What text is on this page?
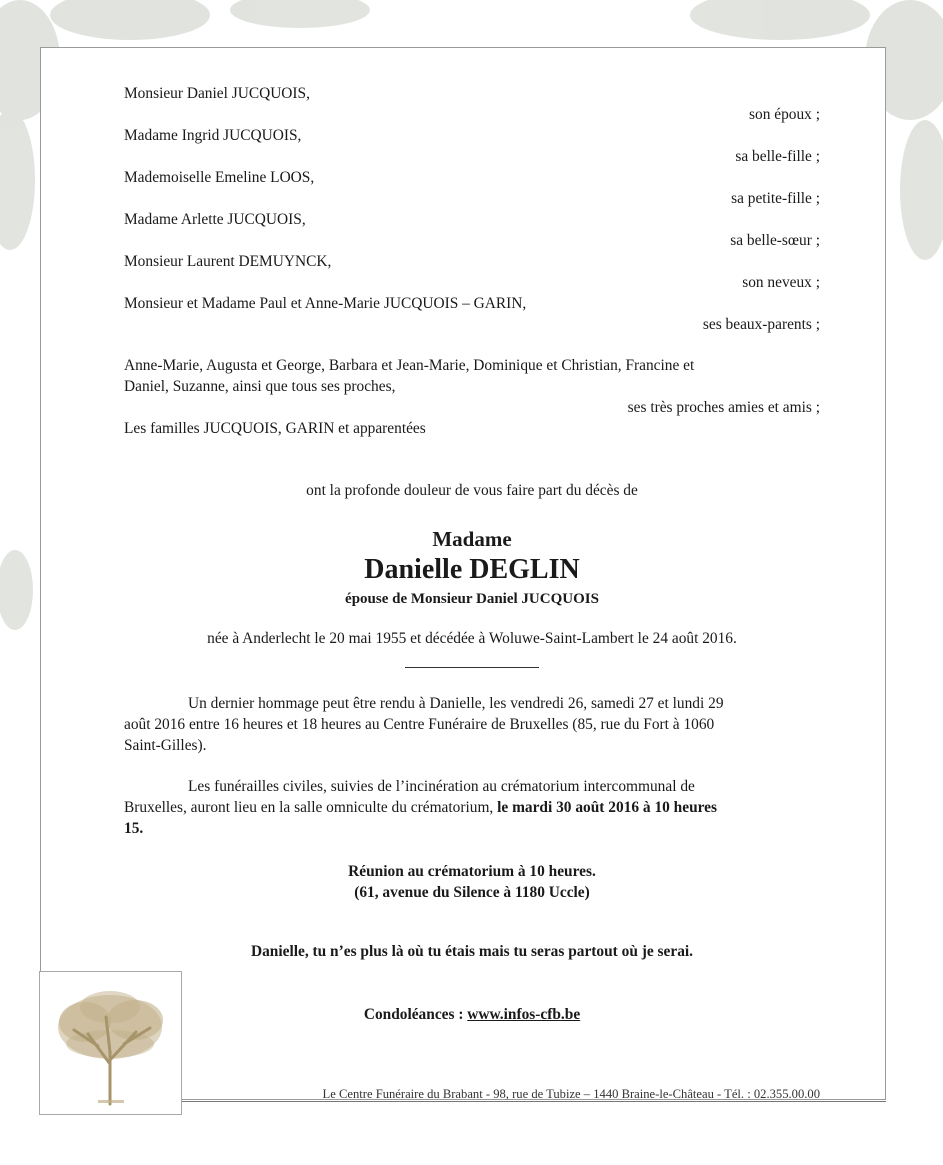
Monsieur Daniel JUCQUOIS,
son époux ;
Madame Ingrid JUCQUOIS,
sa belle-fille ;
Mademoiselle Emeline LOOS,
sa petite-fille ;
Madame Arlette JUCQUOIS,
sa belle-sœur ;
Monsieur Laurent DEMUYNCK,
son neveux ;
Monsieur et Madame Paul et Anne-Marie JUCQUOIS – GARIN,
ses beaux-parents ;
Anne-Marie, Augusta et George, Barbara et Jean-Marie, Dominique et Christian, Francine et
Daniel, Suzanne, ainsi que tous ses proches,
ses très proches amies et amis ;
Les familles JUCQUOIS, GARIN et apparentées
ont la profonde douleur de vous faire part du décès de
Madame
Danielle DEGLIN
épouse de Monsieur Daniel JUCQUOIS
née à Anderlecht le 20 mai 1955 et décédée à Woluwe-Saint-Lambert le 24 août 2016.
Un dernier hommage peut être rendu à Danielle, les vendredi 26, samedi 27 et lundi 29
août 2016 entre 16 heures et 18 heures au Centre Funéraire de Bruxelles (85, rue du Fort à 1060
Saint-Gilles).
Les funérailles civiles, suivies de l’incinération au crématorium intercommunal de
Bruxelles, auront lieu en la salle omniculte du crématorium, le mardi 30 août 2016 à 10 heures
15.
Réunion au crématorium à 10 heures.
(61, avenue du Silence à 1180 Uccle)
Danielle, tu n’es plus là où tu étais mais tu seras partout où je serai.
Condoléances : www.infos-cfb.be
Le Centre Funéraire du Brabant - 98, rue de Tubize – 1440 Braine-le-Château - Tél. : 02.355.00.00
